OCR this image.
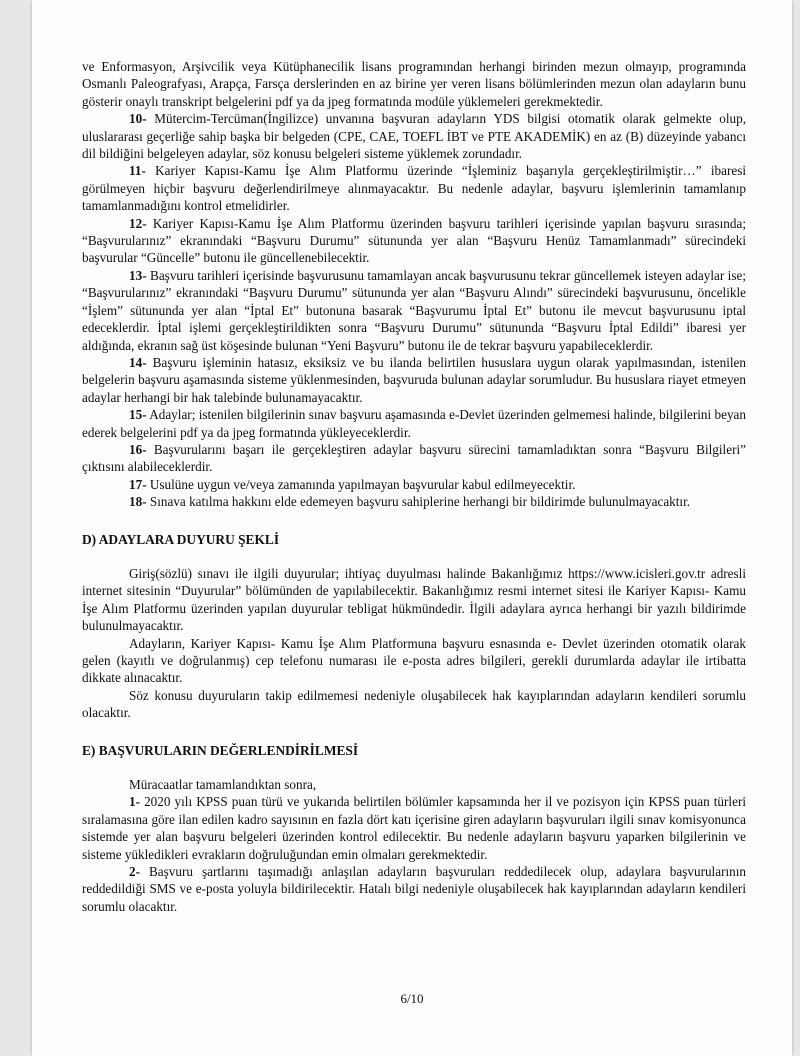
ve Enformasyon, Arşivcilik veya Kütüphanecilik lisans programından herhangi birinden mezun olmayıp, programında Osmanlı Paleografyası, Arapça, Farsça derslerinden en az birine yer veren lisans bölümlerinden mezun olan adayların bunu gösterir onaylı transkript belgelerini pdf ya da jpeg formatında modüle yüklemeleri gerekmektedir.

10- Mütercim-Tercüman(İngilizce) unvanına başvuran adayların YDS bilgisi otomatik olarak gelmekte olup, uluslararası geçerliğe sahip başka bir belgeden (CPE, CAE, TOEFL İBT ve PTE AKADEMİK) en az (B) düzeyinde yabancı dil bildiğini belgeleyen adaylar, söz konusu belgeleri sisteme yüklemek zorundadır.

11- Kariyer Kapısı-Kamu İşe Alım Platformu üzerinde “İşleminiz başarıyla gerçekleştirilmiştir…” ibaresi görülmeyen hiçbir başvuru değerlendirilmeye alınmayacaktır. Bu nedenle adaylar, başvuru işlemlerinin tamamlanıp tamamlanmadığını kontrol etmelidirler.

12- Kariyer Kapısı-Kamu İşe Alım Platformu üzerinden başvuru tarihleri içerisinde yapılan başvuru sırasında; “Başvurularınız” ekranındaki “Başvuru Durumu” sütununda yer alan “Başvuru Henüz Tamamlanmadı” sürecindeki başvurular “Güncelle” butonu ile güncellenebilecektir.

13- Başvuru tarihleri içerisinde başvurusunu tamamlayan ancak başvurusunu tekrar güncellemek isteyen adaylar ise; “Başvurularınız” ekranındaki “Başvuru Durumu” sütununda yer alan “Başvuru Alındı” sürecindeki başvurusunu, öncelikle “İşlem” sütununda yer alan “İptal Et” butonuna basarak “Başvurumu İptal Et” butonu ile mevcut başvurusunu iptal edeceklerdir. İptal işlemi gerçekleştirildikten sonra “Başvuru Durumu” sütununda “Başvuru İptal Edildi” ibaresi yer aldığında, ekranın sağ üst köşesinde bulunan “Yeni Başvuru” butonu ile de tekrar başvuru yapabileceklerdir.

14- Başvuru işleminin hatasız, eksiksiz ve bu ilanda belirtilen hususlara uygun olarak yapılmasından, istenilen belgelerin başvuru aşamasında sisteme yüklenmesinden, başvuruda bulunan adaylar sorumludur. Bu hususlara riayet etmeyen adaylar herhangi bir hak talebinde bulunamayacaktır.

15- Adaylar; istenilen bilgilerinin sınav başvuru aşamasında e-Devlet üzerinden gelmemesi halinde, bilgilerini beyan ederek belgelerini pdf ya da jpeg formatında yükleyeceklerdir.

16- Başvurularını başarı ile gerçekleştiren adaylar başvuru sürecini tamamladıktan sonra “Başvuru Bilgileri” çıktısını alabileceklerdir.

17- Usulüne uygun ve/veya zamanında yapılmayan başvurular kabul edilmeyecektir.

18- Sınava katılma hakkını elde edemeyen başvuru sahiplerine herhangi bir bildirimde bulunulmayacaktır.

D) ADAYLARA DUYURU ŞEKLİ

Giriş(sözlü) sınavı ile ilgili duyurular; ihtiyaç duyulması halinde Bakanlığımız https://www.icisleri.gov.tr adresli internet sitesinin “Duyurular” bölümünden de yapılabilecektir. Bakanlığımız resmi internet sitesi ile Kariyer Kapısı- Kamu İşe Alım Platformu üzerinden yapılan duyurular tebligat hükmündedir. İlgili adaylara ayrıca herhangi bir yazılı bildirimde bulunulmayacaktır.

Adayların, Kariyer Kapısı- Kamu İşe Alım Platformuna başvuru esnasında e- Devlet üzerinden otomatik olarak gelen (kayıtlı ve doğrulanmış) cep telefonu numarası ile e-posta adres bilgileri, gerekli durumlarda adaylar ile irtibatta dikkate alınacaktır.

Söz konusu duyuruların takip edilmemesi nedeniyle oluşabilecek hak kayıplarından adayların kendileri sorumlu olacaktır.

E) BAŞVURULARIN DEĞERLENDİRİLMESİ

Müracaatlar tamamlandıktan sonra,

1- 2020 yılı KPSS puan türü ve yukarıda belirtilen bölümler kapsamında her il ve pozisyon için KPSS puan türleri sıralamasına göre ilan edilen kadro sayısının en fazla dört katı içerisine giren adayların başvuruları ilgili sınav komisyonunca sistemde yer alan başvuru belgeleri üzerinden kontrol edilecektir. Bu nedenle adayların başvuru yaparken bilgilerinin ve sisteme yükledikleri evrakların doğruluğundan emin olmaları gerekmektedir.

2- Başvuru şartlarını taşımadığı anlaşılan adayların başvuruları reddedilecek olup, adaylara başvurularının reddedildiği SMS ve e-posta yoluyla bildirilecektir. Hatalı bilgi nedeniyle oluşabilecek hak kayıplarından adayların kendileri sorumlu olacaktır.

6/10
